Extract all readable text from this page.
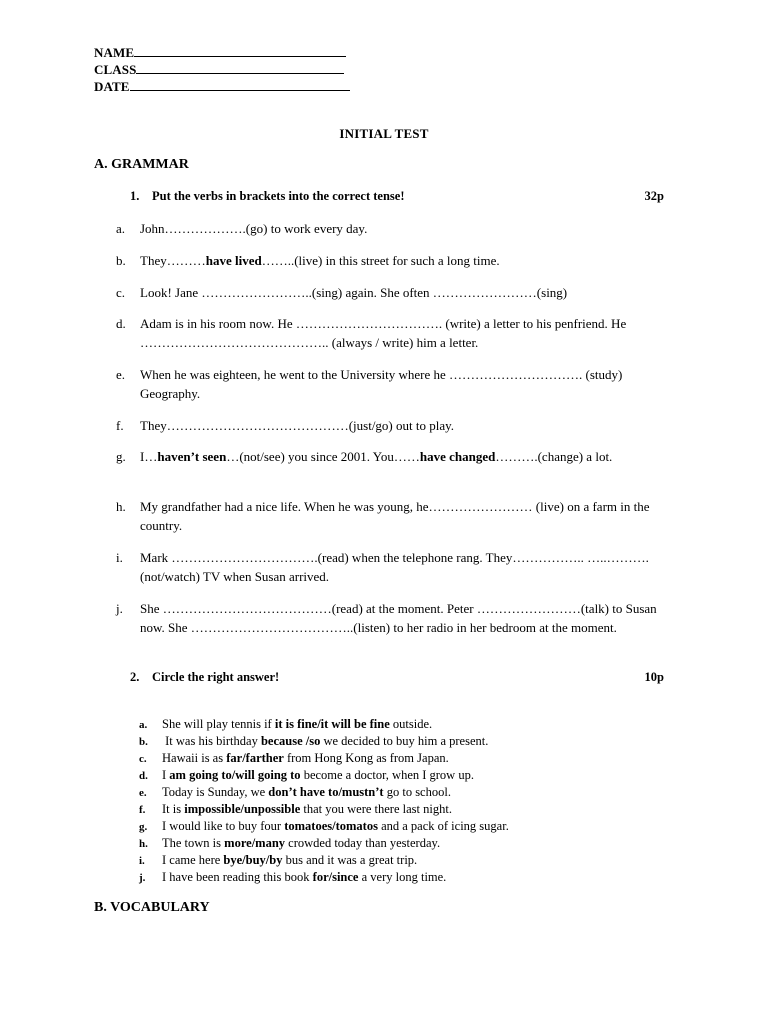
NAME
CLASS
DATE
INITIAL TEST
A. GRAMMAR
1. Put the verbs in brackets into the correct tense!	32p
a. John……………….(go) to work every day.
b. They………have lived……..(live) in this street for such a long time.
c. Look! Jane ……………………..(sing) again. She often ……………………(sing)
d. Adam is in his room now. He ……………………………. (write) a letter to his penfriend. He …………………………………….. (always / write) him a letter.
e. When he was eighteen, he went to the University where he …………………………. (study) Geography.
f. They……………………………………(just/go) out to play.
g. I…haven’t seen…(not/see) you since 2001. You……have changed……….(change) a lot.
h. My grandfather had a nice life. When he was young, he…………………… (live) on a farm in the country.
i. Mark …………………………….(read) when the telephone rang. They…………….. …..……….(not/watch) TV when Susan arrived.
j. She …………………………………(read) at the moment. Peter ……………………(talk) to Susan now. She ………………………………..(listen) to her radio in her bedroom at the moment.
2. Circle the right answer!	10p
a. She will play tennis if it is fine/it will be fine outside.
b. It was his birthday because /so we decided to buy him a present.
c. Hawaii is as far/farther from Hong Kong as from Japan.
d. I am going to/will going to become a doctor, when I grow up.
e. Today is Sunday, we don’t have to/mustn’t go to school.
f. It is impossible/unpossible that you were there last night.
g. I would like to buy four tomatoes/tomatos and a pack of icing sugar.
h. The town is more/many crowded today than yesterday.
i. I came here bye/buy/by bus and it was a great trip.
j. I have been reading this book for/since a very long time.
B. VOCABULARY
